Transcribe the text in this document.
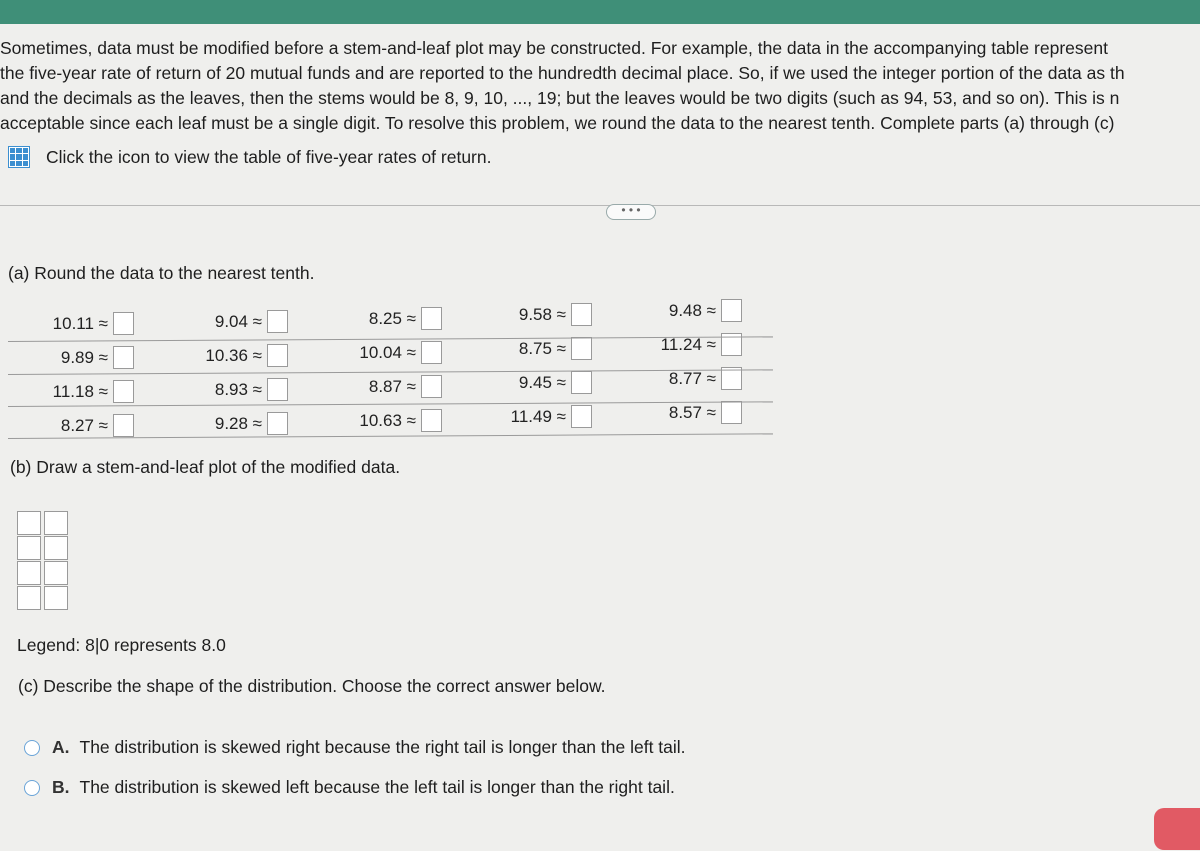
Sometimes, data must be modified before a stem-and-leaf plot may be constructed. For example, the data in the accompanying table represent
the five-year rate of return of 20 mutual funds and are reported to the hundredth decimal place. So, if we used the integer portion of the data as th
and the decimals as the leaves, then the stems would be 8, 9, 10, ..., 19; but the leaves would be two digits (such as 94, 53, and so on). This is n
acceptable since each leaf must be a single digit. To resolve this problem, we round the data to the nearest tenth. Complete parts (a) through (c)
Click the icon to view the table of five-year rates of return.
• • •
(a) Round the data to the nearest tenth.
10.11 ≈
9.89 ≈
11.18 ≈
8.27 ≈
9.04 ≈
10.36 ≈
8.93 ≈
9.28 ≈
8.25 ≈
10.04 ≈
8.87 ≈
10.63 ≈
9.58 ≈
8.75 ≈
9.45 ≈
11.49 ≈
9.48 ≈
11.24 ≈
8.77 ≈
8.57 ≈
(b) Draw a stem-and-leaf plot of the modified data.
Legend: 8|0 represents 8.0
(c) Describe the shape of the distribution. Choose the correct answer below.
A. The distribution is skewed right because the right tail is longer than the left tail.
B. The distribution is skewed left because the left tail is longer than the right tail.
